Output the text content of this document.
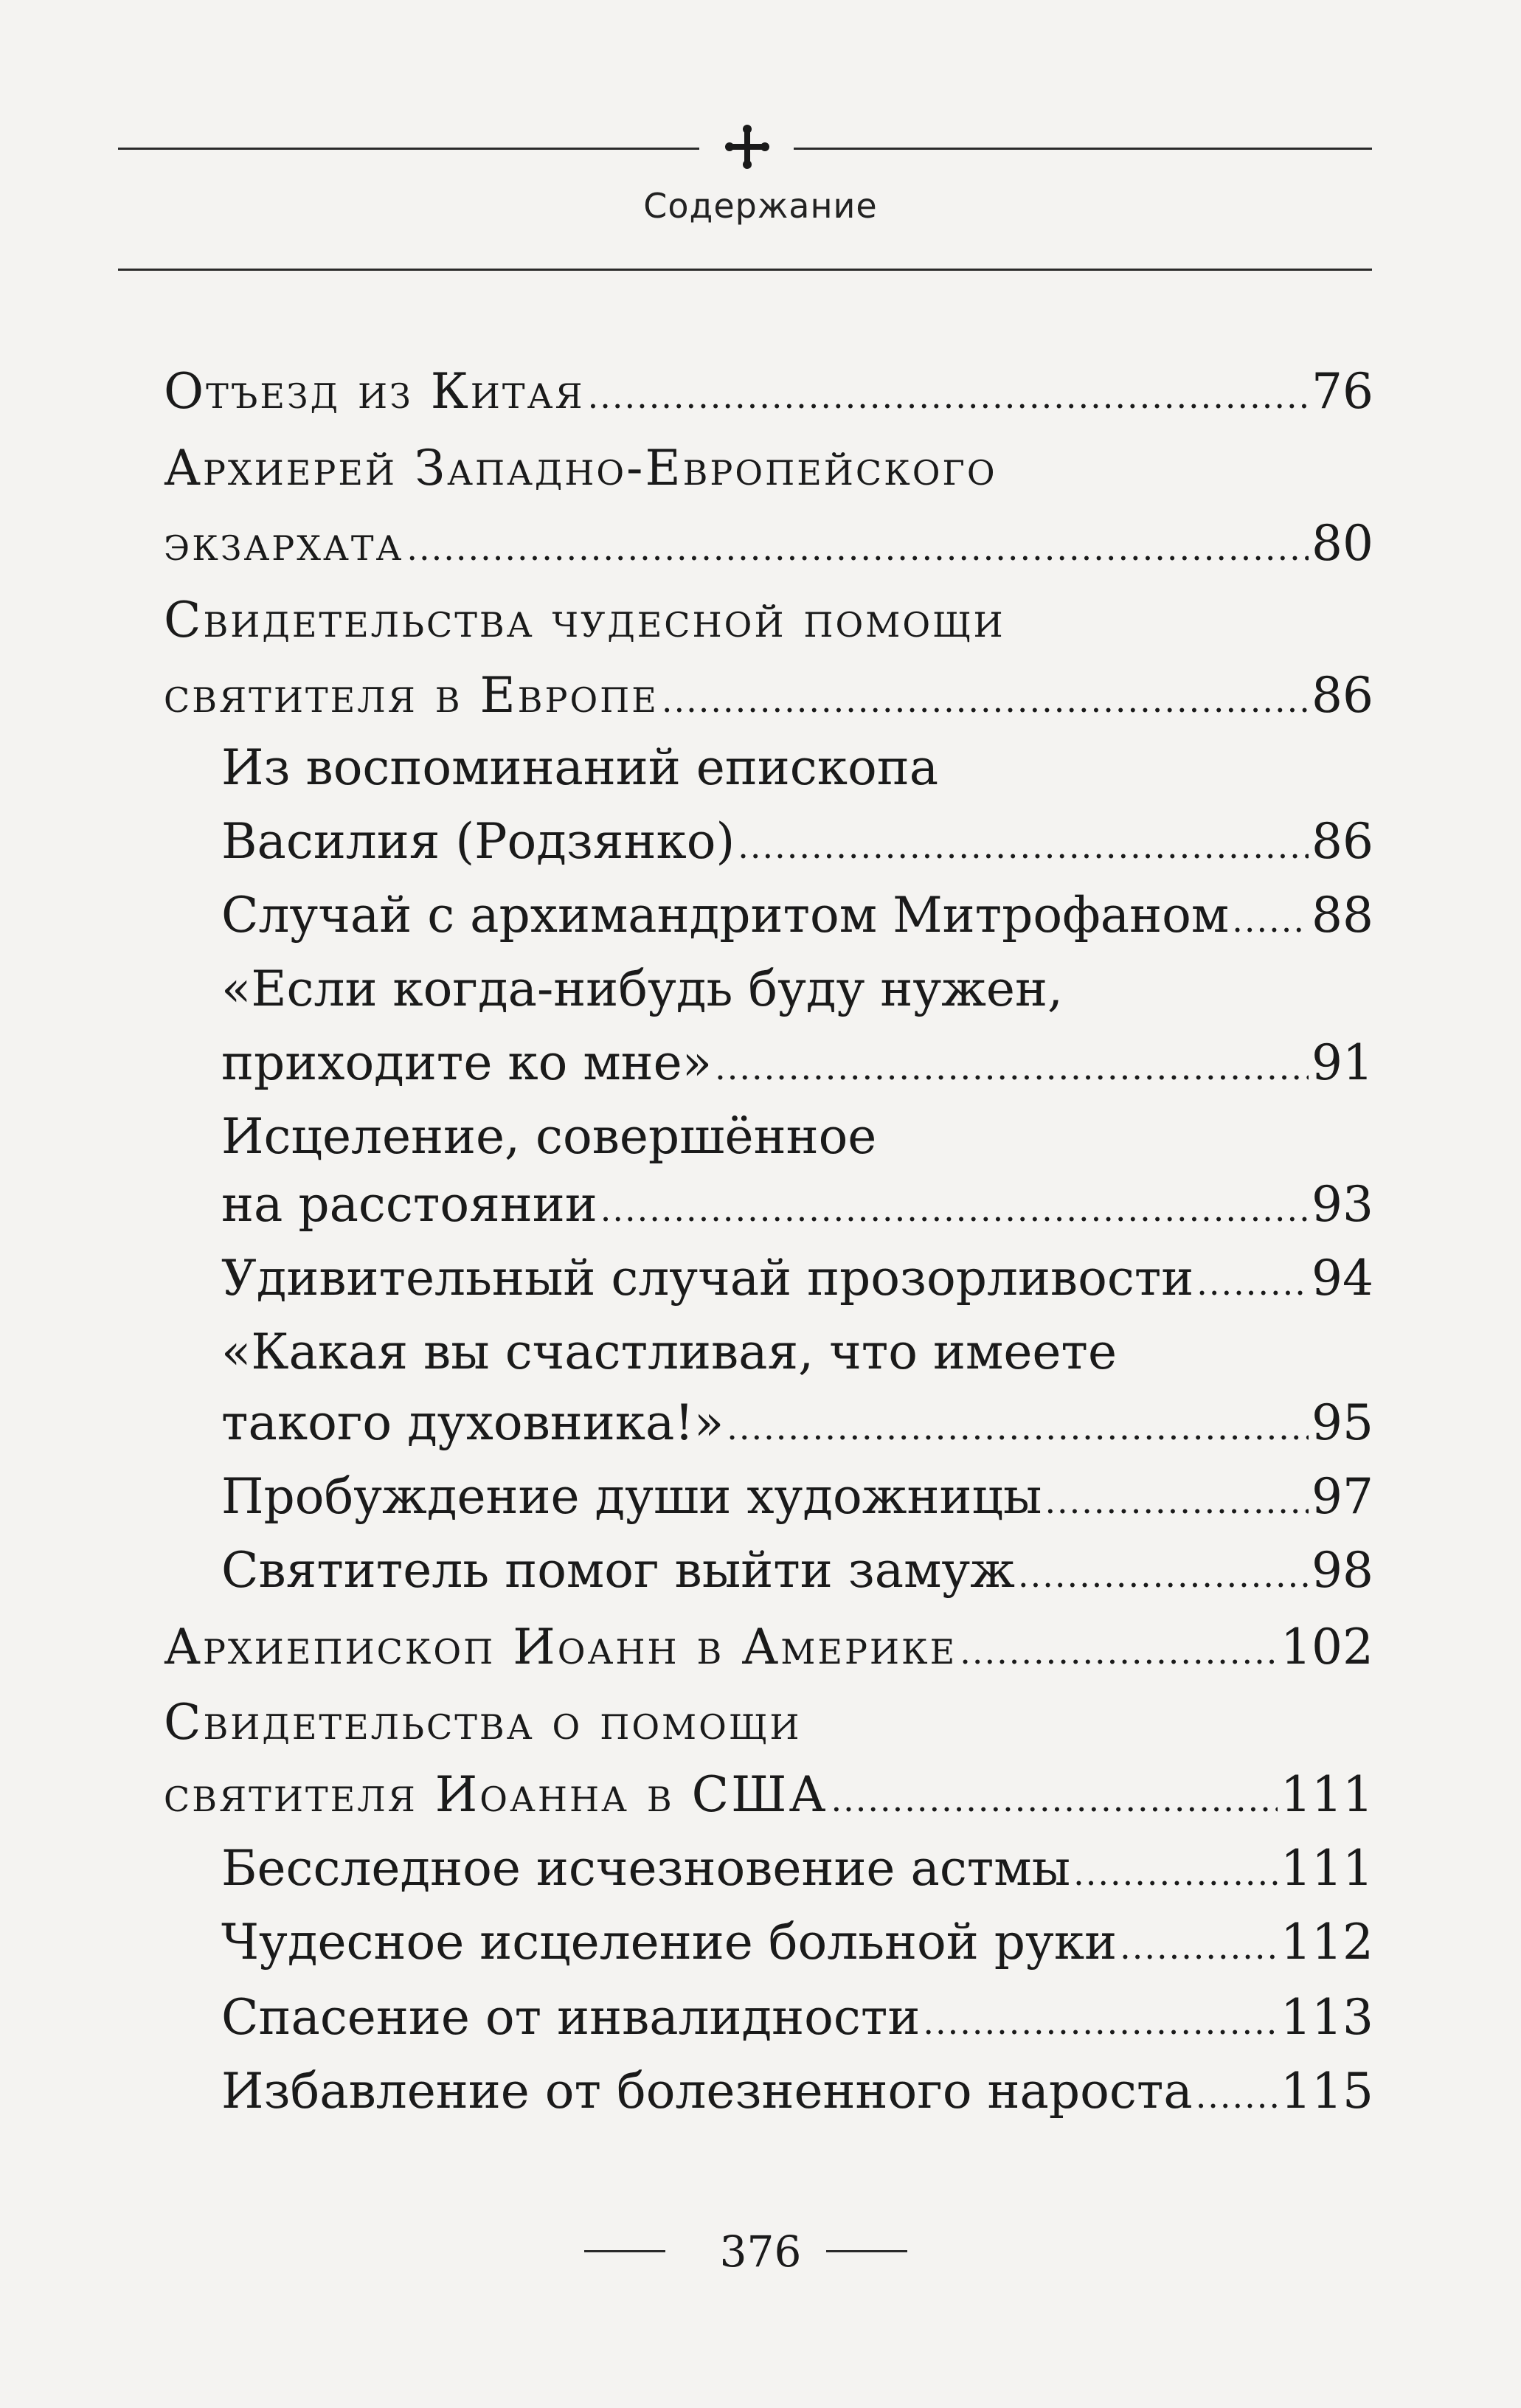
Содержание
Отъезд из Китая .....	76
Архиерей Западно-Европейского
экзархата .....	80
Свидетельства чудесной помощи
святителя в Европе .....	86
Из воспоминаний епископа
Василия (Родзянко) .....	86
Случай с архимандритом Митрофаном ..... 88
«Если когда-нибудь буду нужен,
приходите ко мне» .....	91
Исцеление, совершённое
на расстоянии .....	93
Удивительный случай прозорливости ..... 94
«Какая вы счастливая, что имеете
такого духовника!» .....	95
Пробуждение души художницы .....	97
Святитель помог выйти замуж .....	98
Архиепископ Иоанн в Америке .....	102
Свидетельства о помощи
святителя Иоанна в США .....	111
Бесследное исчезновение астмы .....	111
Чудесное исцеление больной руки .....	112
Спасение от инвалидности .....	113
Избавление от болезненного нароста ..... 115
376
